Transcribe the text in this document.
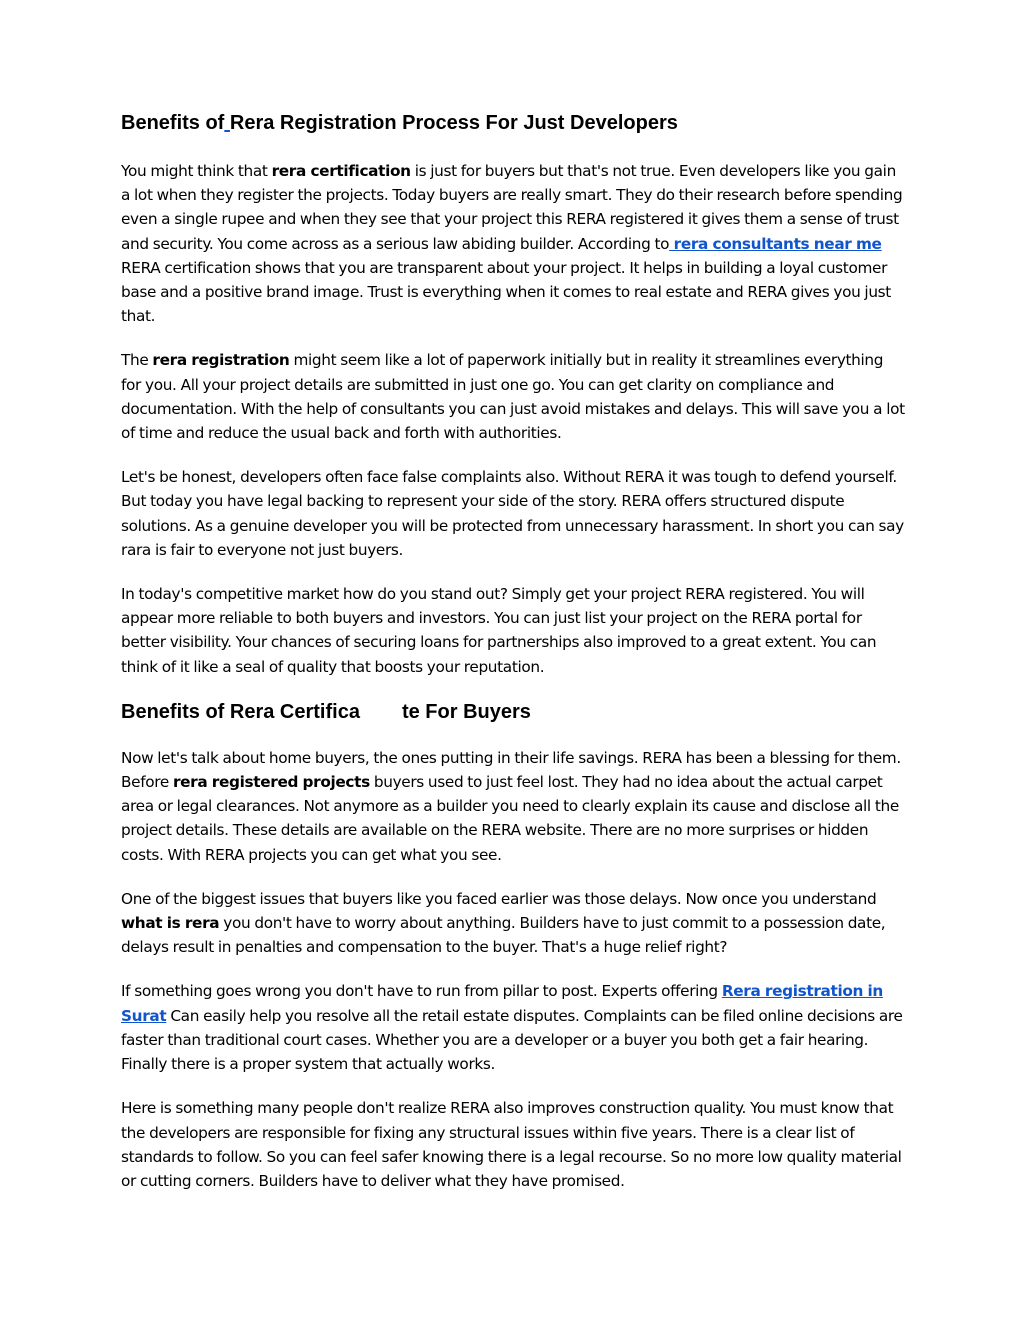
Benefits of Rera Registration Process For Just Developers

You might think that rera certification is just for buyers but that's not true. Even developers like you gain a lot when they register the projects. Today buyers are really smart. They do their research before spending even a single rupee and when they see that your project this RERA registered it gives them a sense of trust and security. You come across as a serious law abiding builder. According to rera consultants near me RERA certification shows that you are transparent about your project. It helps in building a loyal customer base and a positive brand image. Trust is everything when it comes to real estate and RERA gives you just that.

The rera registration might seem like a lot of paperwork initially but in reality it streamlines everything for you. All your project details are submitted in just one go. You can get clarity on compliance and documentation. With the help of consultants you can just avoid mistakes and delays. This will save you a lot of time and reduce the usual back and forth with authorities.

Let's be honest, developers often face false complaints also. Without RERA it was tough to defend yourself. But today you have legal backing to represent your side of the story. RERA offers structured dispute solutions. As a genuine developer you will be protected from unnecessary harassment. In short you can say rara is fair to everyone not just buyers.

In today's competitive market how do you stand out? Simply get your project RERA registered. You will appear more reliable to both buyers and investors. You can just list your project on the RERA portal for better visibility. Your chances of securing loans for partnerships also improved to a great extent. You can think of it like a seal of quality that boosts your reputation.

Benefits of Rera Certifica te For Buyers

Now let's talk about home buyers, the ones putting in their life savings. RERA has been a blessing for them. Before rera registered projects buyers used to just feel lost. They had no idea about the actual carpet area or legal clearances. Not anymore as a builder you need to clearly explain its cause and disclose all the project details. These details are available on the RERA website. There are no more surprises or hidden costs. With RERA projects you can get what you see.

One of the biggest issues that buyers like you faced earlier was those delays. Now once you understand what is rera you don't have to worry about anything. Builders have to just commit to a possession date, delays result in penalties and compensation to the buyer. That's a huge relief right?

If something goes wrong you don't have to run from pillar to post. Experts offering Rera registration in Surat Can easily help you resolve all the retail estate disputes. Complaints can be filed online decisions are faster than traditional court cases. Whether you are a developer or a buyer you both get a fair hearing. Finally there is a proper system that actually works.

Here is something many people don't realize RERA also improves construction quality. You must know that the developers are responsible for fixing any structural issues within five years. There is a clear list of standards to follow. So you can feel safer knowing there is a legal recourse. So no more low quality material or cutting corners. Builders have to deliver what they have promised.
